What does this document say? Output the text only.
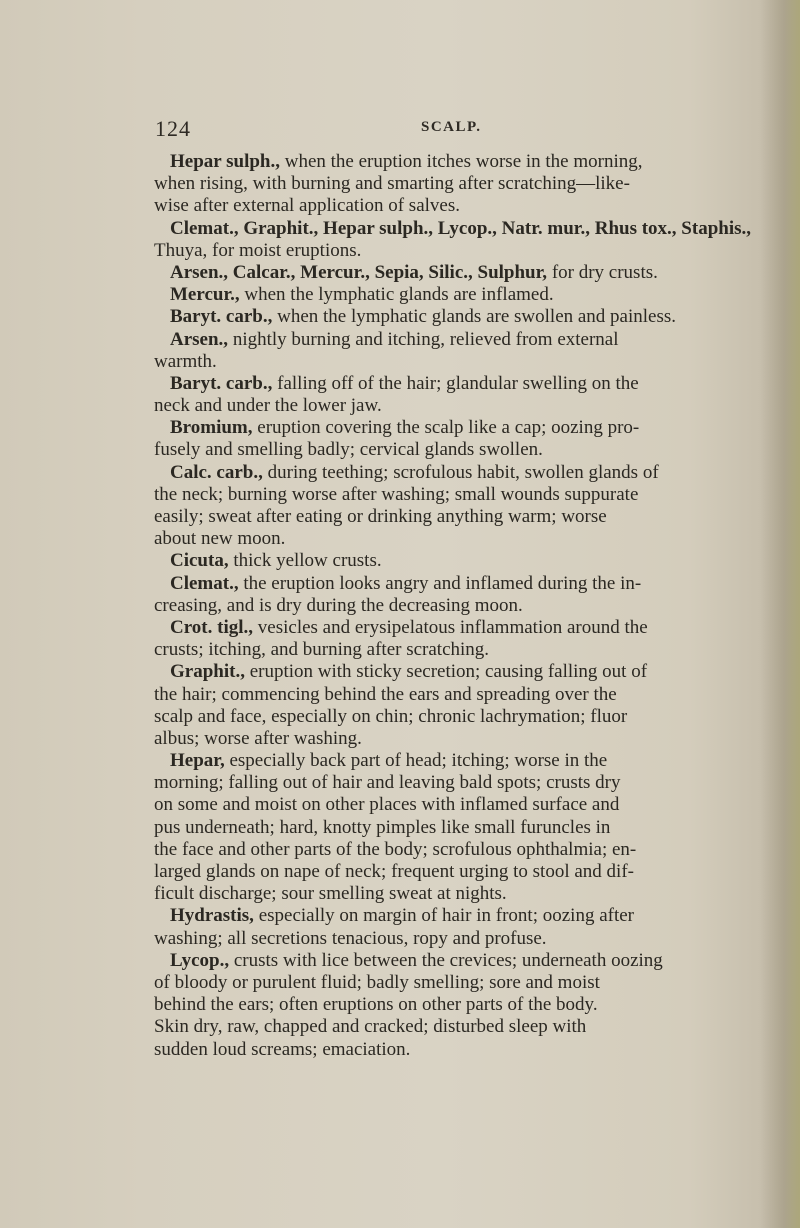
124	SCALP.
Hepar sulph., when the eruption itches worse in the morning,
when rising, with burning and smarting after scratching—like-
wise after external application of salves.
Clemat., Graphit., Hepar sulph., Lycop., Natr. mur., Rhus tox., Staphis.,
Thuya, for moist eruptions.
Arsen., Calcar., Mercur., Sepia, Silic., Sulphur, for dry crusts.
Mercur., when the lymphatic glands are inflamed.
Baryt. carb., when the lymphatic glands are swollen and painless.
Arsen., nightly burning and itching, relieved from external
warmth.
Baryt. carb., falling off of the hair; glandular swelling on the
neck and under the lower jaw.
Bromium, eruption covering the scalp like a cap; oozing pro-
fusely and smelling badly; cervical glands swollen.
Calc. carb., during teething; scrofulous habit, swollen glands of
the neck; burning worse after washing; small wounds suppurate
easily; sweat after eating or drinking anything warm; worse
about new moon.
Cicuta, thick yellow crusts.
Clemat., the eruption looks angry and inflamed during the in-
creasing, and is dry during the decreasing moon.
Crot. tigl., vesicles and erysipelatous inflammation around the
crusts; itching, and burning after scratching.
Graphit., eruption with sticky secretion; causing falling out of
the hair; commencing behind the ears and spreading over the
scalp and face, especially on chin; chronic lachrymation; fluor
albus; worse after washing.
Hepar, especially back part of head; itching; worse in the
morning; falling out of hair and leaving bald spots; crusts dry
on some and moist on other places with inflamed surface and
pus underneath; hard, knotty pimples like small furuncles in
the face and other parts of the body; scrofulous ophthalmia; en-
larged glands on nape of neck; frequent urging to stool and dif-
ficult discharge; sour smelling sweat at nights.
Hydrastis, especially on margin of hair in front; oozing after
washing; all secretions tenacious, ropy and profuse.
Lycop., crusts with lice between the crevices; underneath oozing
of bloody or purulent fluid; badly smelling; sore and moist
behind the ears; often eruptions on other parts of the body.
Skin dry, raw, chapped and cracked; disturbed sleep with
sudden loud screams; emaciation.
